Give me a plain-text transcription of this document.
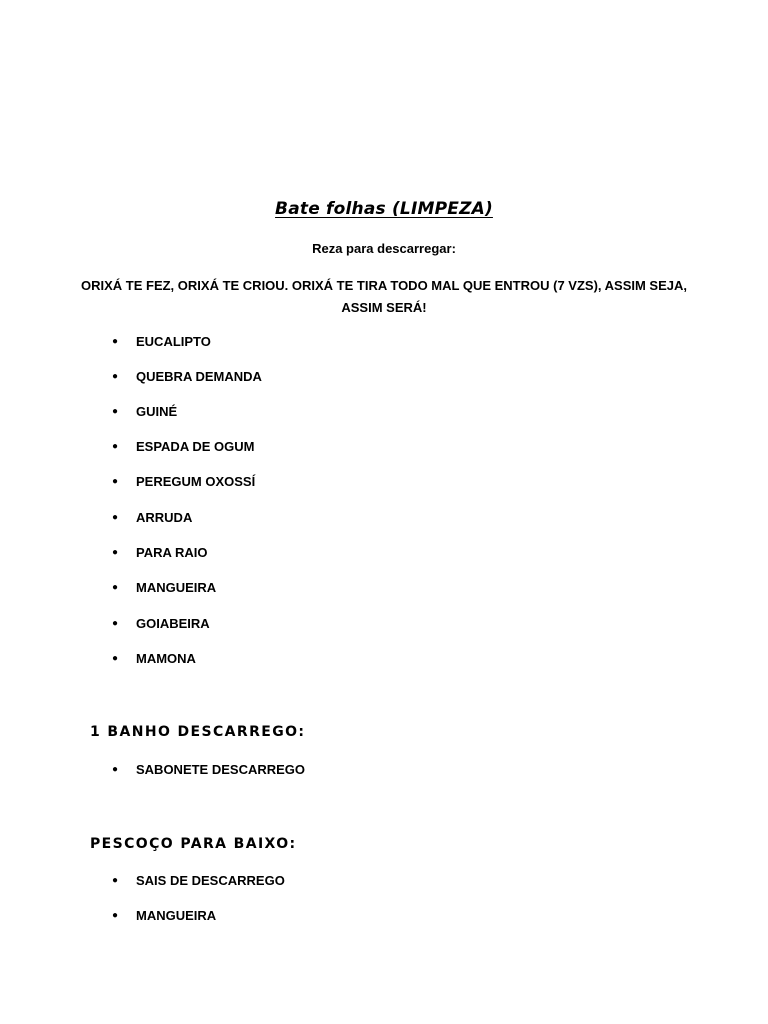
Bate folhas (LIMPEZA)
Reza para descarregar:
ORIXÁ TE FEZ, ORIXÁ TE CRIOU. ORIXÁ TE TIRA TODO MAL QUE ENTROU (7 VZS), ASSIM SEJA,
ASSIM SERÁ!
● EUCALIPTO
● QUEBRA DEMANDA
● GUINÉ
● ESPADA DE OGUM
● PEREGUM OXOSSÍ
● ARRUDA
● PARA RAIO
● MANGUEIRA
● GOIABEIRA
● MAMONA
1 BANHO DESCARREGO:
● SABONETE DESCARREGO
PESCOÇO PARA BAIXO:
● SAIS DE DESCARREGO
● MANGUEIRA
